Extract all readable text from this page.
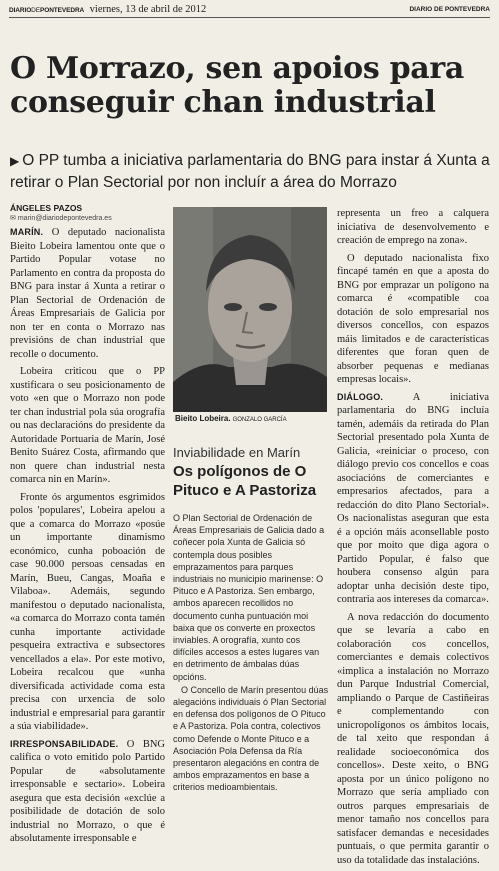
DIARIODEPONTEVEDRA viernes, 13 de abril de 2012	DIARIO DE PONTEVEDRA
O Morrazo, sen apoios para conseguir chan industrial

▶ O PP tumba a iniciativa parlamentaria do BNG para instar á Xunta a retirar o Plan Sectorial por non incluír a área do Morrazo

ÁNGELES PAZOS
✉ marin@diariodepontevedra.es

MARÍN. O deputado nacionalista Bieito Lobeira lamentou onte que o Partido Popular votase no Parlamento en contra da proposta do BNG para instar á Xunta a retirar o Plan Sectorial de Ordenación de Áreas Empresariais de Galicia por non ter en conta o Morrazo nas previsións de chan industrial que recolle o documento.

Lobeira criticou que o PP xustificara o seu posicionamento de voto «en que o Morrazo non pode ter chan industrial pola súa orografía ou nas declaracións do presidente da Autoridade Portuaria de Marín, José Benito Suárez Costa, afirmando que non quere chan industrial nesta comarca nin en Marín».

Fronte ós argumentos esgrimidos polos 'populares', Lobeira apelou a que a comarca do Morrazo «posúe un importante dinamismo económico, cunha poboación de case 90.000 persoas censadas en Marín, Bueu, Cangas, Moaña e Vilaboa». Ademáis, segundo manifestou o deputado nacionalista, «a comarca do Morrazo conta tamén cunha importante actividade pesqueira extractiva e subsectores vencellados a ela». Por este motivo, Lobeira recalcou que «unha diversificada actividade coma esta precisa con urxencia de solo industrial e empresarial para garantir a súa viabilidade».

IRRESPONSABILIDADE. O BNG califica o voto emitido polo Partido Popular de «absolutamente irresponsable e sectario». Lobeira asegura que esta decisión «exclúe a posibilidade de dotación de solo industrial no Morrazo, o que é absolutamente irresponsable e

Bieito Lobeira. GONZALO GARCÍA

Inviabilidade en Marín

Os polígonos de O Pituco e A Pastoriza

O Plan Sectorial de Ordenación de Áreas Empresariais de Galicia dado a coñecer pola Xunta de Galicia só contempla dous posibles emprazamentos para parques industriais no municipio marinense: O Pituco e A Pastoriza. Sen embargo, ambos aparecen recollidos no documento cunha puntuación moi baixa que os converte en proxectos inviables. A orografía, xunto cos difíciles accesos a estes lugares van en detrimento de ámbalas dúas opcións.

O Concello de Marín presentou dúas alegacións individuais ó Plan Sectorial en defensa dos polígonos de O Pituco e A Pastoriza. Pola contra, colectivos como Defende o Monte Pituco e a Asociación Pola Defensa da Ría presentaron alegacións en contra de ambos emprazamentos en base a criterios medioambientais.

representa un freo a calquera iniciativa de desenvolvemento e creación de emprego na zona».

O deputado nacionalista fixo fincapé tamén en que a aposta do BNG por emprazar un polígono na comarca é «compatible coa dotación de solo empresarial nos diversos concellos, con espazos máis limitados e de características diferentes que foran quen de absorber pequenas e medianas empresas locais».

DIÁLOGO.	A iniciativa parlamentaria do BNG incluía tamén, ademáis da retirada do Plan Sectorial presentado pola Xunta de Galicia, «reiniciar o proceso, con diálogo previo cos concellos e coas asociacións de comerciantes e empresarios afectados, para a redacción do dito Plano Sectorial». Os nacionalistas aseguran que esta é a opción máis aconsellable posto que por moito que diga agora o Partido Popular, é falso que houbera consenso algún para adoptar unha decisión deste tipo, contraria aos intereses da comarca».

A nova redacción do documento que se levaría a cabo en colaboración cos concellos, comerciantes e demais colectivos «implica a instalación no Morrazo dun Parque Industrial Comercial, ampliando o Parque de Castiñeiras e complementando con unicropolígonos os ámbitos locais, de tal xeito que respondan á realidade socioeconómica dos concellos». Deste xeito, o BNG aposta por un único polígono no Morrazo que sería ampliado con outros parques empresariais de menor tamaño nos concellos para satisfacer demandas e necesidades puntuais, o que permita garantir o uso da totalidade das instalacións.
